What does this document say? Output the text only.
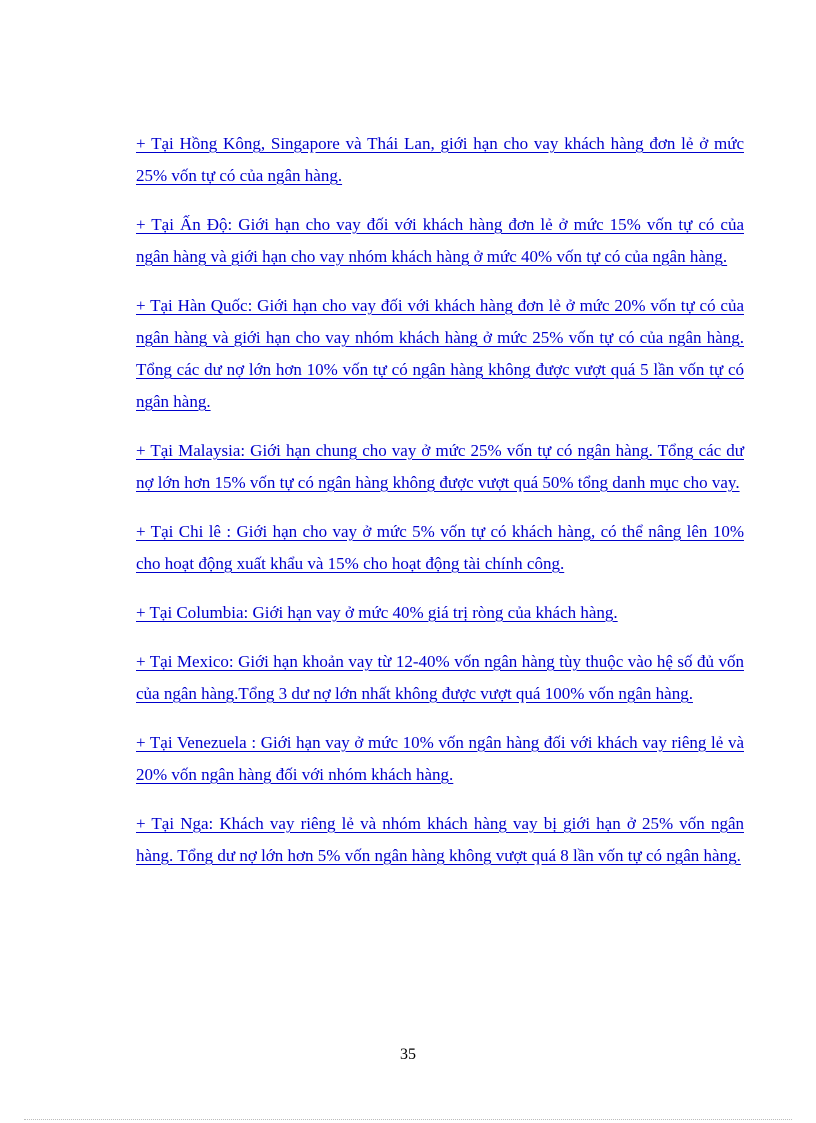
+ Tại Hồng Kông, Singapore và Thái Lan, giới hạn cho vay khách hàng đơn lẻ ở mức 25% vốn tự có của ngân hàng.

+ Tại Ấn Độ: Giới hạn cho vay đối với khách hàng đơn lẻ ở mức 15% vốn tự có của ngân hàng và giới hạn cho vay nhóm khách hàng ở mức 40% vốn tự có của ngân hàng.

+ Tại Hàn Quốc: Giới hạn cho vay đối với khách hàng đơn lẻ ở mức 20% vốn tự có của ngân hàng và giới hạn cho vay nhóm khách hàng ở mức 25% vốn tự có của ngân hàng. Tổng các dư nợ lớn hơn 10% vốn tự có ngân hàng không được vượt quá 5 lần vốn tự có ngân hàng.

+ Tại Malaysia: Giới hạn chung cho vay ở mức 25% vốn tự có ngân hàng. Tổng các dư nợ lớn hơn 15% vốn tự có ngân hàng không được vượt quá 50% tổng danh mục cho vay.

+ Tại Chi lê : Giới hạn cho vay ở mức 5% vốn tự có khách hàng, có thể nâng lên 10% cho hoạt động xuất khẩu và 15% cho hoạt động tài chính công.

+ Tại Columbia: Giới hạn vay ở mức 40% giá trị ròng của khách hàng.

+ Tại Mexico: Giới hạn khoản vay từ 12-40% vốn ngân hàng tùy thuộc vào hệ số đủ vốn của ngân hàng.Tổng 3 dư nợ lớn nhất không được vượt quá 100% vốn ngân hàng.

+ Tại Venezuela : Giới hạn vay ở mức 10% vốn ngân hàng đối với khách vay riêng lẻ và 20% vốn ngân hàng đối với nhóm khách hàng.

+ Tại Nga: Khách vay riêng lẻ và nhóm khách hàng vay bị giới hạn ở 25% vốn ngân hàng. Tổng dư nợ lớn hơn 5% vốn ngân hàng không vượt quá 8 lần vốn tự có ngân hàng.

35
